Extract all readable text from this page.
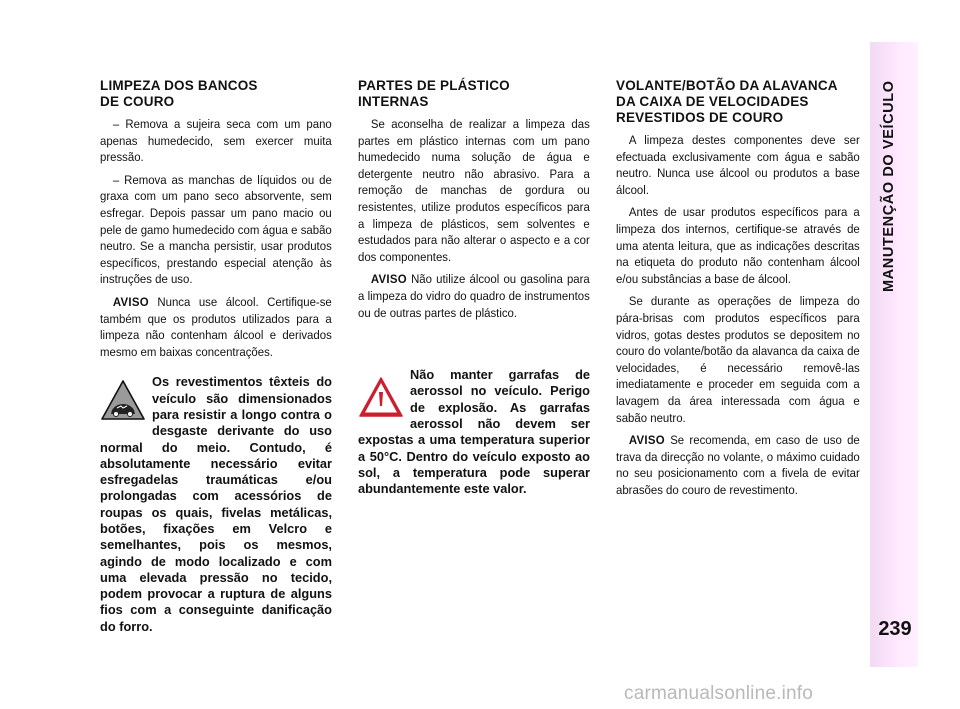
LIMPEZA DOS BANCOS
DE COURO

– Remova a sujeira seca com um pano apenas humedecido, sem exercer muita pressão.

– Remova as manchas de líquidos ou de graxa com um pano seco absorvente, sem esfregar. Depois passar um pano macio ou pele de gamo humedecido com água e sabão neutro. Se a mancha persistir, usar produtos específicos, prestando especial atenção às instruções de uso.

AVISO Nunca use álcool. Certifique-se também que os produtos utilizados para a limpeza não contenham álcool e derivados mesmo em baixas concentrações.

Os revestimentos têxteis do veículo são dimensionados para resistir a longo contra o desgaste derivante do uso normal do meio. Contudo, é absolutamente necessário evitar esfregadelas traumáticas e/ou prolongadas com acessórios de roupas os quais, fivelas metálicas, botões, fixações em Velcro e semelhantes, pois os mesmos, agindo de modo localizado e com uma elevada pressão no tecido, podem provocar a ruptura de alguns fios com a conseguinte danificação do forro.
PARTES DE PLÁSTICO
INTERNAS

Se aconselha de realizar a limpeza das partes em plástico internas com um pano humedecido numa solução de água e detergente neutro não abrasivo. Para a remoção de manchas de gordura ou resistentes, utilize produtos específicos para a limpeza de plásticos, sem solventes e estudados para não alterar o aspecto e a cor dos componentes.

AVISO Não utilize álcool ou gasolina para a limpeza do vidro do quadro de instrumentos ou de outras partes de plástico.

Não manter garrafas de aerossol no veículo. Perigo de explosão. As garrafas aerossol não devem ser expostas a uma temperatura superior a 50°C. Dentro do veículo exposto ao sol, a temperatura pode superar abundantemente este valor.
VOLANTE/BOTÃO DA ALAVANCA
DA CAIXA DE VELOCIDADES
REVESTIDOS DE COURO

A limpeza destes componentes deve ser efectuada exclusivamente com água e sabão neutro. Nunca use álcool ou produtos a base álcool.

Antes de usar produtos específicos para a limpeza dos internos, certifique-se através de uma atenta leitura, que as indicações descritas na etiqueta do produto não contenham álcool e/ou substâncias a base de álcool.

Se durante as operações de limpeza do pára-brisas com produtos específicos para vidros, gotas destes produtos se depositem no couro do volante/botão da alavanca da caixa de velocidades, é necessário removê-las imediatamente e proceder em seguida com a lavagem da área interessada com água e sabão neutro.

AVISO Se recomenda, em caso de uso de trava da direcção no volante, o máximo cuidado no seu posicionamento com a fivela de evitar abrasões do couro de revestimento.

MANUTENÇÃO DO VEÍCULO
239
carmanualsonline.info
